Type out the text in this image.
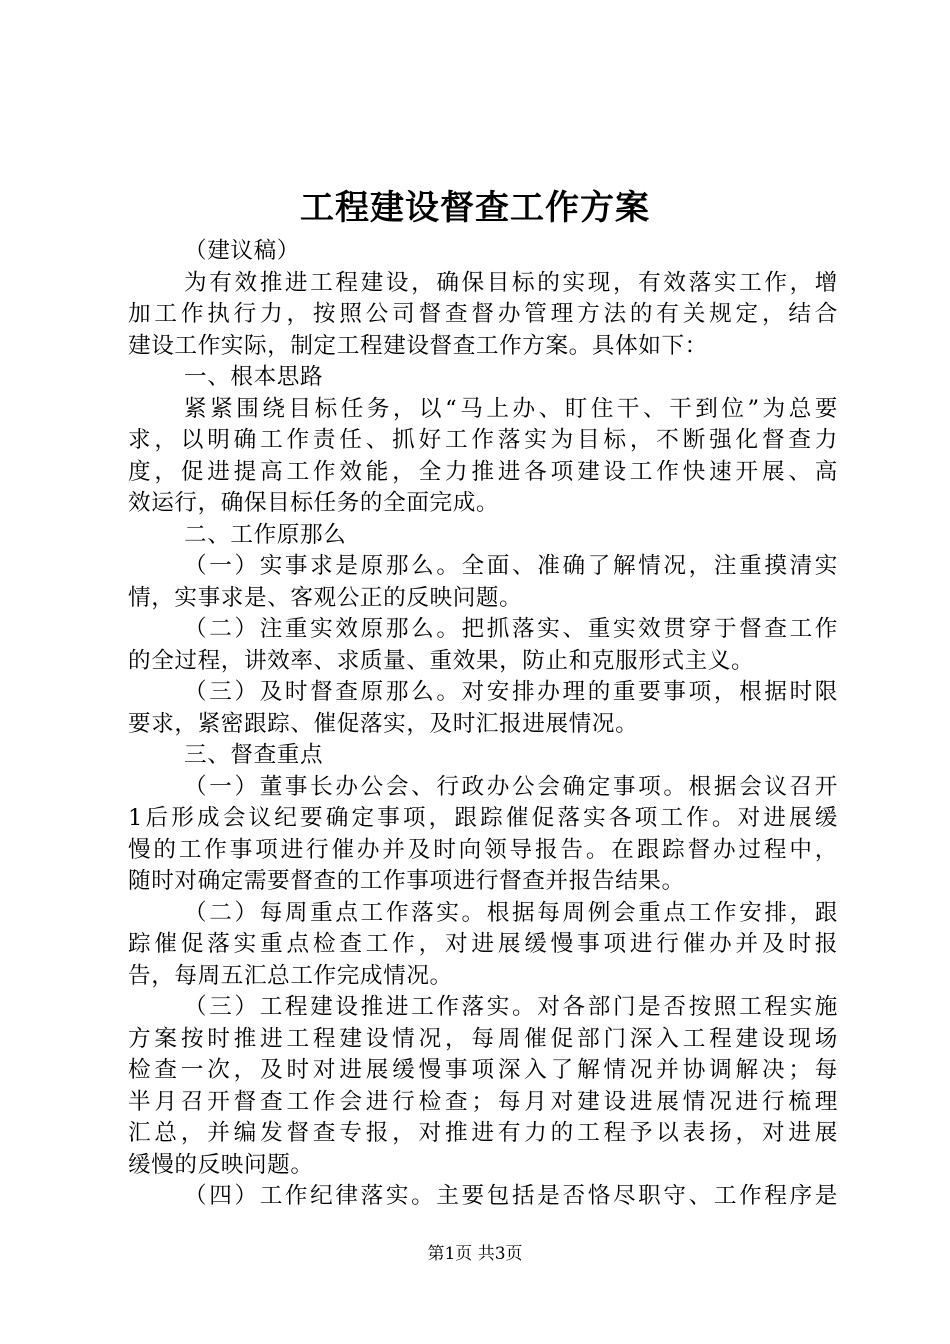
工程建设督查工作方案
（建议稿）
为有效推进工程建设，确保目标的实现，有效落实工作，增
加工作执行力，按照公司督查督办管理方法的有关规定，结合
建设工作实际，制定工程建设督查工作方案。具体如下：
一、根本思路
紧紧围绕目标任务，以“马上办、盯住干、干到位”为总要
求，以明确工作责任、抓好工作落实为目标，不断强化督查力
度，促进提高工作效能，全力推进各项建设工作快速开展、高
效运行，确保目标任务的全面完成。
二、工作原那么
（一）实事求是原那么。全面、准确了解情况，注重摸清实
情，实事求是、客观公正的反映问题。
（二）注重实效原那么。把抓落实、重实效贯穿于督查工作
的全过程，讲效率、求质量、重效果，防止和克服形式主义。
（三）及时督查原那么。对安排办理的重要事项，根据时限
要求，紧密跟踪、催促落实，及时汇报进展情况。
三、督查重点
（一）董事长办公会、行政办公会确定事项。根据会议召开
1后形成会议纪要确定事项，跟踪催促落实各项工作。对进展缓
慢的工作事项进行催办并及时向领导报告。在跟踪督办过程中，
随时对确定需要督查的工作事项进行督查并报告结果。
（二）每周重点工作落实。根据每周例会重点工作安排，跟
踪催促落实重点检查工作，对进展缓慢事项进行催办并及时报
告，每周五汇总工作完成情况。
（三）工程建设推进工作落实。对各部门是否按照工程实施
方案按时推进工程建设情况，每周催促部门深入工程建设现场
检查一次，及时对进展缓慢事项深入了解情况并协调解决；每
半月召开督查工作会进行检查；每月对建设进展情况进行梳理
汇总，并编发督查专报，对推进有力的工程予以表扬，对进展
缓慢的反映问题。
（四）工作纪律落实。主要包括是否恪尽职守、工作程序是
第1页 共3页
